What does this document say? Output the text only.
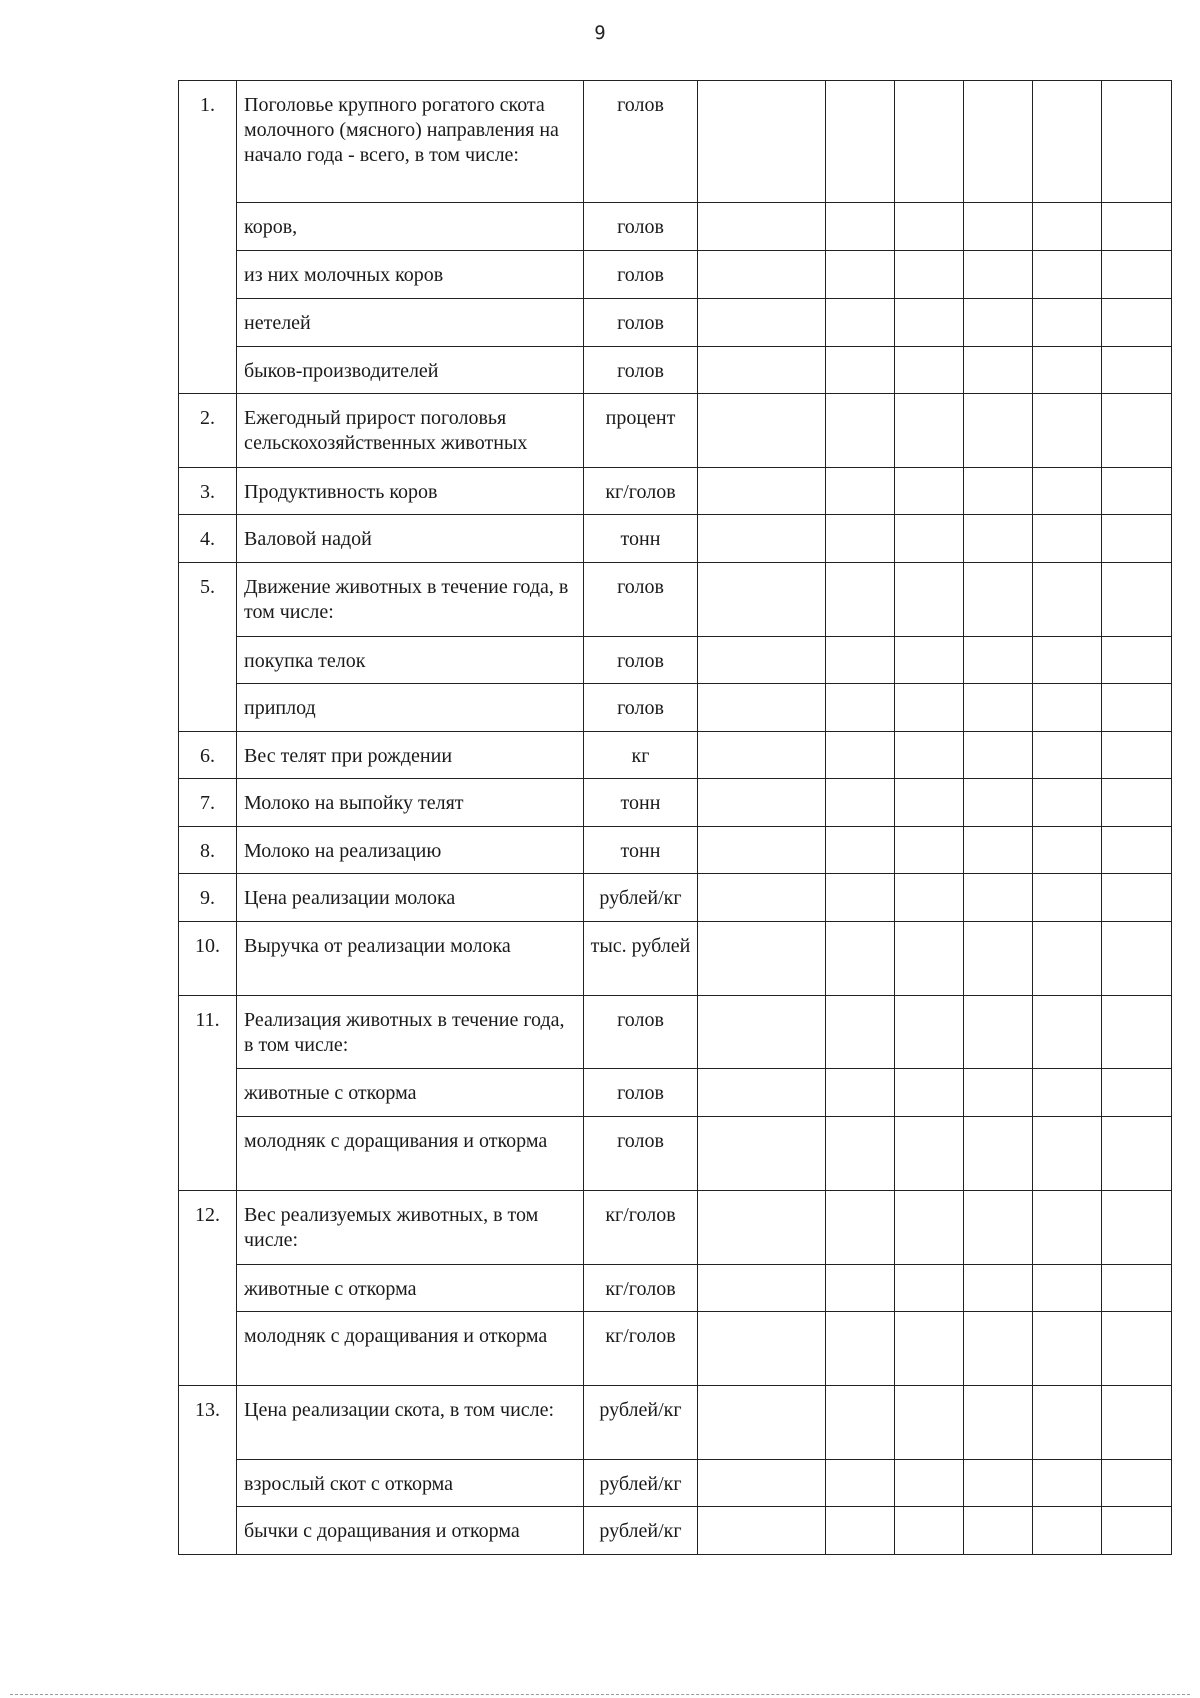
9
1.	Поголовье крупного рогатого скота молочного (мясного) направления на начало года - всего, в том числе:	голов						
	коров,	голов						
	из них молочных коров	голов						
	нетелей	голов						
	быков-производителей	голов						
2.	Ежегодный прирост поголовья сельскохозяйственных животных	процент						
3.	Продуктивность коров	кг/голов						
4.	Валовой надой	тонн						
5.	Движение животных в течение года, в том числе:	голов						
	покупка телок	голов						
	приплод	голов						
6.	Вес телят при рождении	кг						
7.	Молоко на выпойку телят	тонн						
8.	Молоко на реализацию	тонн						
9.	Цена реализации молока	рублей/кг						
10.	Выручка от реализации молока	тыс. рублей						
11.	Реализация животных в течение года, в том числе:	голов						
	животные с откорма	голов						
	молодняк с доращивания и откорма	голов						
12.	Вес реализуемых животных, в том числе:	кг/голов						
	животные с откорма	кг/голов						
	молодняк с доращивания и откорма	кг/голов						
13.	Цена реализации скота, в том числе:	рублей/кг						
	взрослый скот с откорма	рублей/кг						
	бычки с доращивания и откорма	рублей/кг						
